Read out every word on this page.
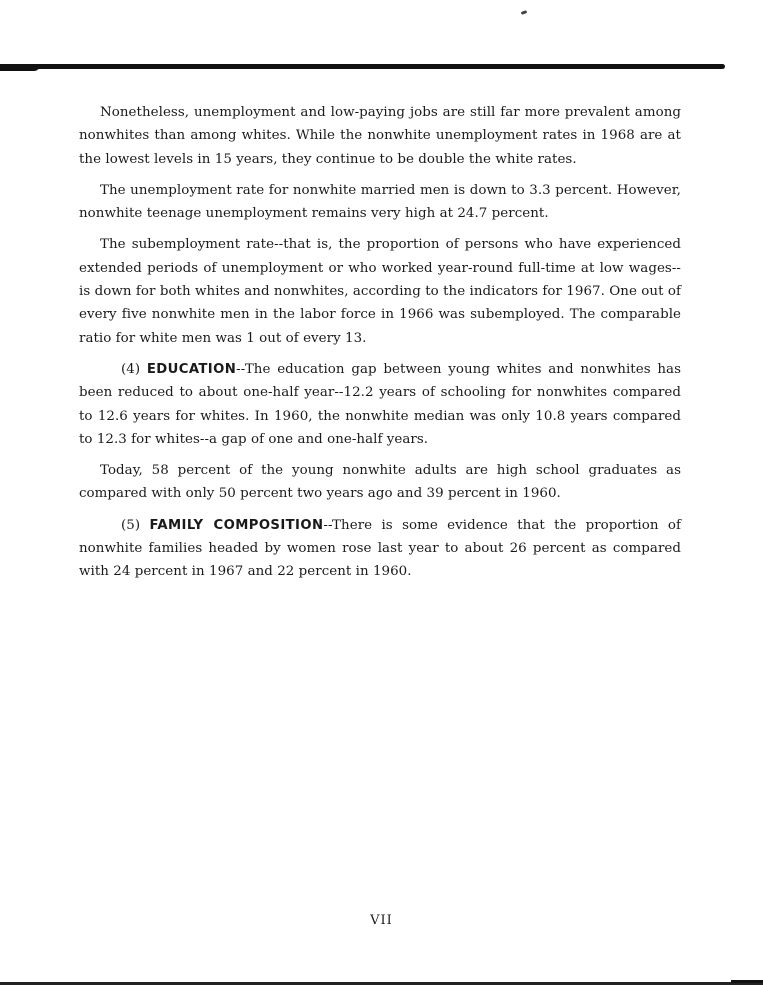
Nonetheless, unemployment and low-paying jobs are still far more prevalent among nonwhites than among whites. While the nonwhite unemployment rates in 1968 are at the lowest levels in 15 years, they continue to be double the white rates.

The unemployment rate for nonwhite married men is down to 3.3 percent. However, nonwhite teenage unemployment remains very high at 24.7 percent.

The subemployment rate--that is, the proportion of persons who have experienced extended periods of unemployment or who worked year-round full-time at low wages--is down for both whites and nonwhites, according to the indicators for 1967. One out of every five nonwhite men in the labor force in 1966 was subemployed. The comparable ratio for white men was 1 out of every 13.

(4) EDUCATION--The education gap between young whites and nonwhites has been reduced to about one-half year--12.2 years of schooling for nonwhites compared to 12.6 years for whites. In 1960, the nonwhite median was only 10.8 years compared to 12.3 for whites--a gap of one and one-half years.

Today, 58 percent of the young nonwhite adults are high school graduates as compared with only 50 percent two years ago and 39 percent in 1960.

(5) FAMILY COMPOSITION--There is some evidence that the proportion of nonwhite families headed by women rose last year to about 26 percent as compared with 24 percent in 1967 and 22 percent in 1960.

VII
